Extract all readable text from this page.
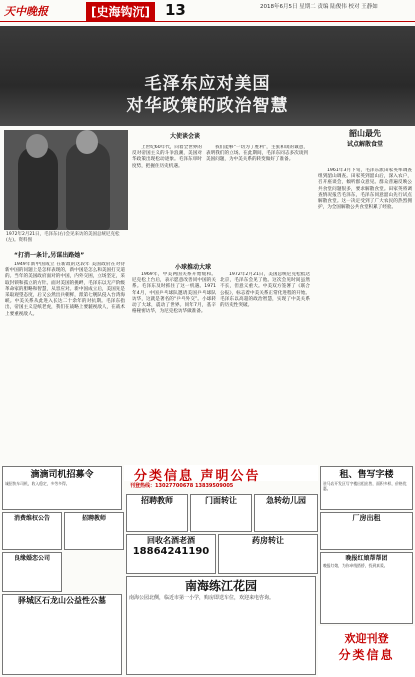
天中晚报	[史海钩沉]	13	2018年6月5日 星期二 责编 陆俊伟 校对 王静如
毛泽东应对美国
对华政策的政治智慧
大使谈会谈
1972年2月21日，毛泽东(右)会见来访的美国总统尼克松(左)。资料图
“打消一条计,另谋出路她”

1949年新中国成立 在新政的这段年 美国政府在对待新中国的问题上是怎样表现的，新中国是怎么和美国打交道的。当年的美国政府面对的中国，内外交困，立场坚定，采取封锁和孤立的方针。面对美国的挑衅，毛泽东以无产阶级革命家的胆略和智慧，从容应对。新中国成立后，美国先是采取观望态度，后又公然出兵朝鲜，派第七舰队侵入台湾海峡。中美关系从此进入长达二十余年的对抗期。毛泽东指出，帝国主义是纸老虎，我们在战略上要藐视敌人，在战术上要重视敌人。

上世纪60年代，向着全世界的反对帝国主义的斗争浪潮，美国对华政策出现松动迹象。毛泽东审时度势，把握住历史机遇。

我们能够“一切为了胜利”，主张和谈的诚意，表明我们的立场。在此期间，毛泽东同志多次谈到美国问题，为中美关系的转变做好了准备。

小球推动大球

1969年，中美两国关系开始缓和。尼克松上台后，表示愿意改善同中国的关系。毛泽东及时抓住了这一机遇。1971年4月，中国乒乓球队邀请美国乒乓球队访华，这就是著名的“乒乓外交”。小球转动了大球，震动了世界。同年7月，基辛格秘密访华，为尼克松访华做准备。

1972年2月21日，美国总统尼克松抵达北京，毛泽东会见了他。这次会见时间虽然不长，但意义重大。中美双方签署了《联合公报》，标志着中美关系正常化进程的开始。毛泽东以高超的政治智慧，实现了中美关系的历史性突破。

韶山最先
试点解散食堂

1961年3月下旬，毛泽东派田家英率调查组到韶山调查。田家英到韶山后，深入农户，召开座谈会，倾听群众意见。群众普遍反映公共食堂问题很多，要求解散食堂。田家英将调查情况报告毛泽东，毛泽东同意韶山先行试点解散食堂。这一决定受到了广大农民的热烈拥护，为全国解散公共食堂积累了经验。

滴滴司机招募令
诚招快车司机，收入稳定，多劳多得。	分类信息 声明公告
刊登热线：13027700678 13839509005
租、售写字楼
驻马店开发区写字楼出租出售，面积多样，价格优惠。
消费维权公告	招聘教师
招聘教师	门面转让	急转幼儿园
厂房出租
良缘婚恋公司
回收名酒老酒
18864241190
药房转让
驿城区石龙山公益性公墓
南海练江花园
南海公园北侧，临近市第一小学，购房即送车位，欢迎来电咨询。
晚报红娘帮帮团
晚报红娘，为你牵线搭桥，找到真爱。
欢迎刊登
分类信息
